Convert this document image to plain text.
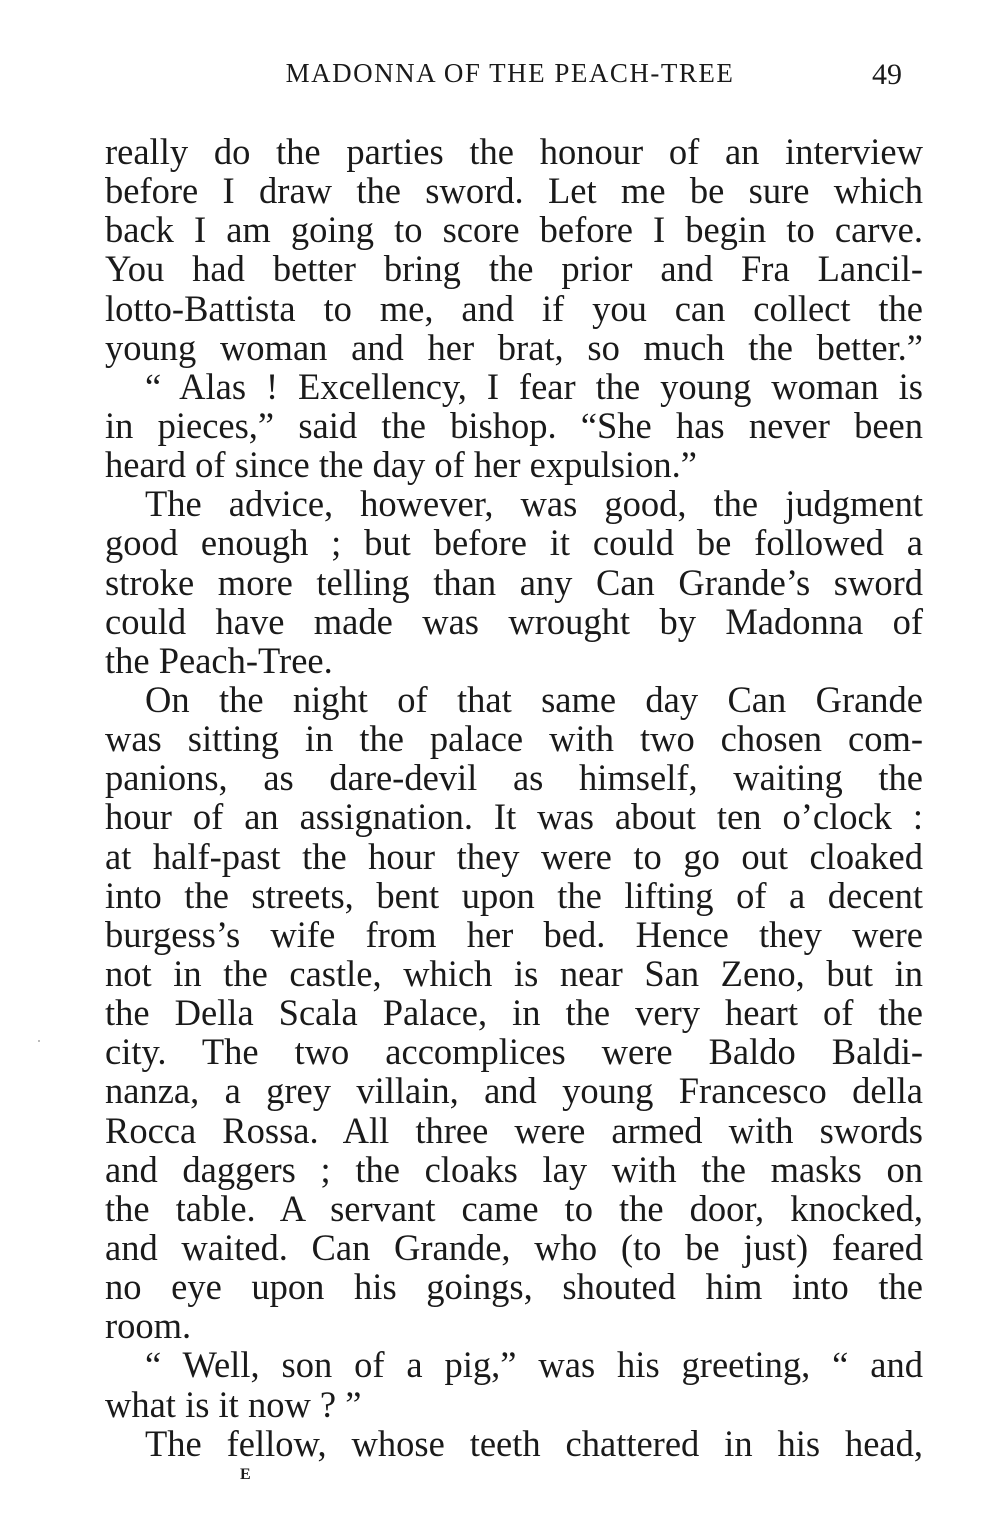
MADONNA OF THE PEACH-TREE	49
really do the parties the honour of an interview
before I draw the sword. Let me be sure which
back I am going to score before I begin to carve.
You had better bring the prior and Fra Lancil-
lotto-Battista to me, and if you can collect the
young woman and her brat, so much the better.”
“ Alas ! Excellency, I fear the young woman is
in pieces,” said the bishop. “She has never been
heard of since the day of her expulsion.”
The advice, however, was good, the judgment
good enough ; but before it could be followed a
stroke more telling than any Can Grande’s sword
could have made was wrought by Madonna of
the Peach-Tree.
On the night of that same day Can Grande
was sitting in the palace with two chosen com-
panions, as dare-devil as himself, waiting the
hour of an assignation. It was about ten o’clock :
at half-past the hour they were to go out cloaked
into the streets, bent upon the lifting of a decent
burgess’s wife from her bed. Hence they were
not in the castle, which is near San Zeno, but in
the Della Scala Palace, in the very heart of the
city. The two accomplices were Baldo Baldi-
nanza, a grey villain, and young Francesco della
Rocca Rossa. All three were armed with swords
and daggers ; the cloaks lay with the masks on
the table. A servant came to the door, knocked,
and waited. Can Grande, who (to be just) feared
no eye upon his goings, shouted him into the
room.
“ Well, son of a pig,” was his greeting, “ and
what is it now ? ”
The fellow, whose teeth chattered in his head,
E
